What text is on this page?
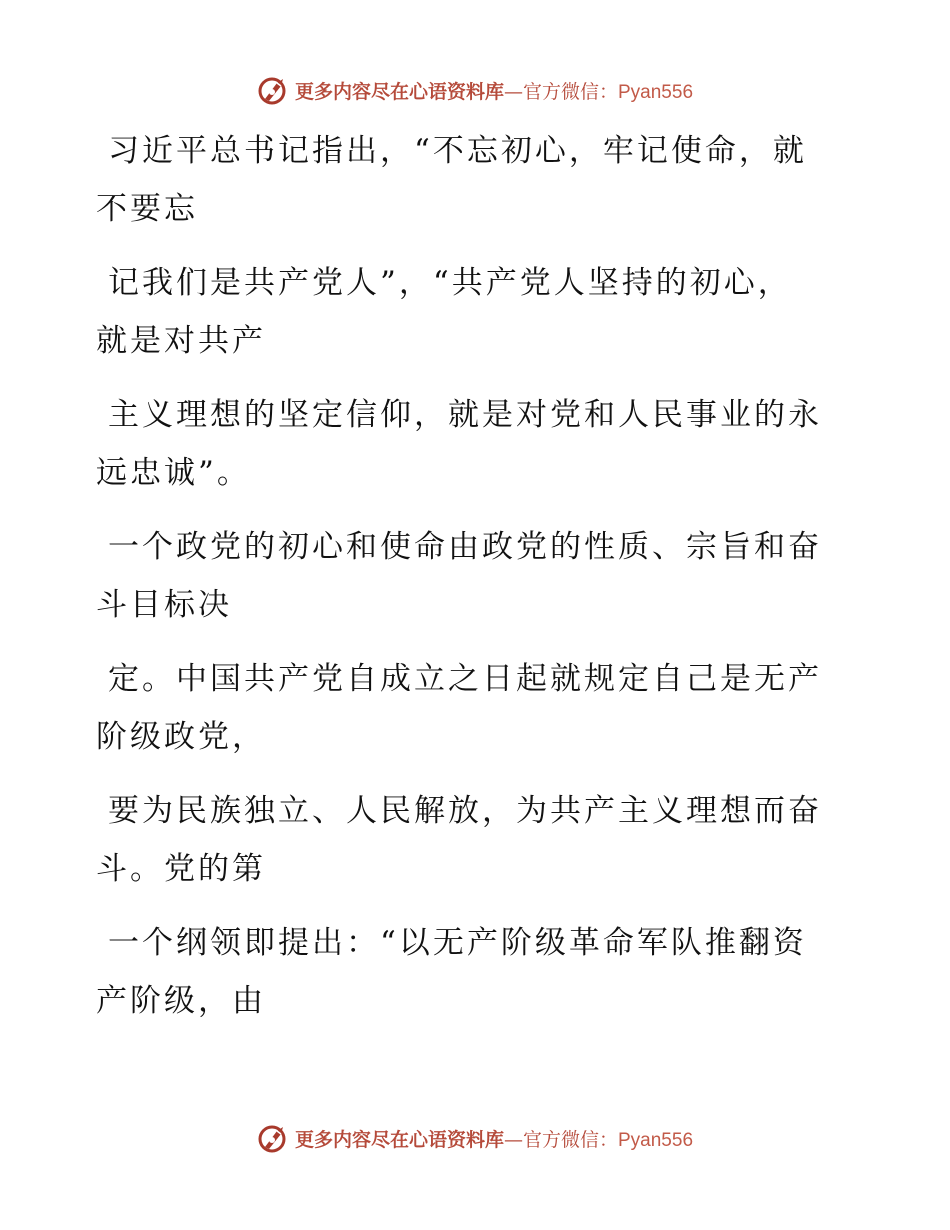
更多内容尽在心语资料库—官方微信：Pyan556
习近平总书记指出，“不忘初心，牢记使命，就
不要忘
记我们是共产党人”，“共产党人坚持的初心，
就是对共产
主义理想的坚定信仰，就是对党和人民事业的永
远忠诚”。
一个政党的初心和使命由政党的性质、宗旨和奋
斗目标决
定。中国共产党自成立之日起就规定自己是无产
阶级政党，
要为民族独立、人民解放，为共产主义理想而奋
斗。党的第
一个纲领即提出：“以无产阶级革命军队推翻资
产阶级，由
更多内容尽在心语资料库—官方微信：Pyan556
